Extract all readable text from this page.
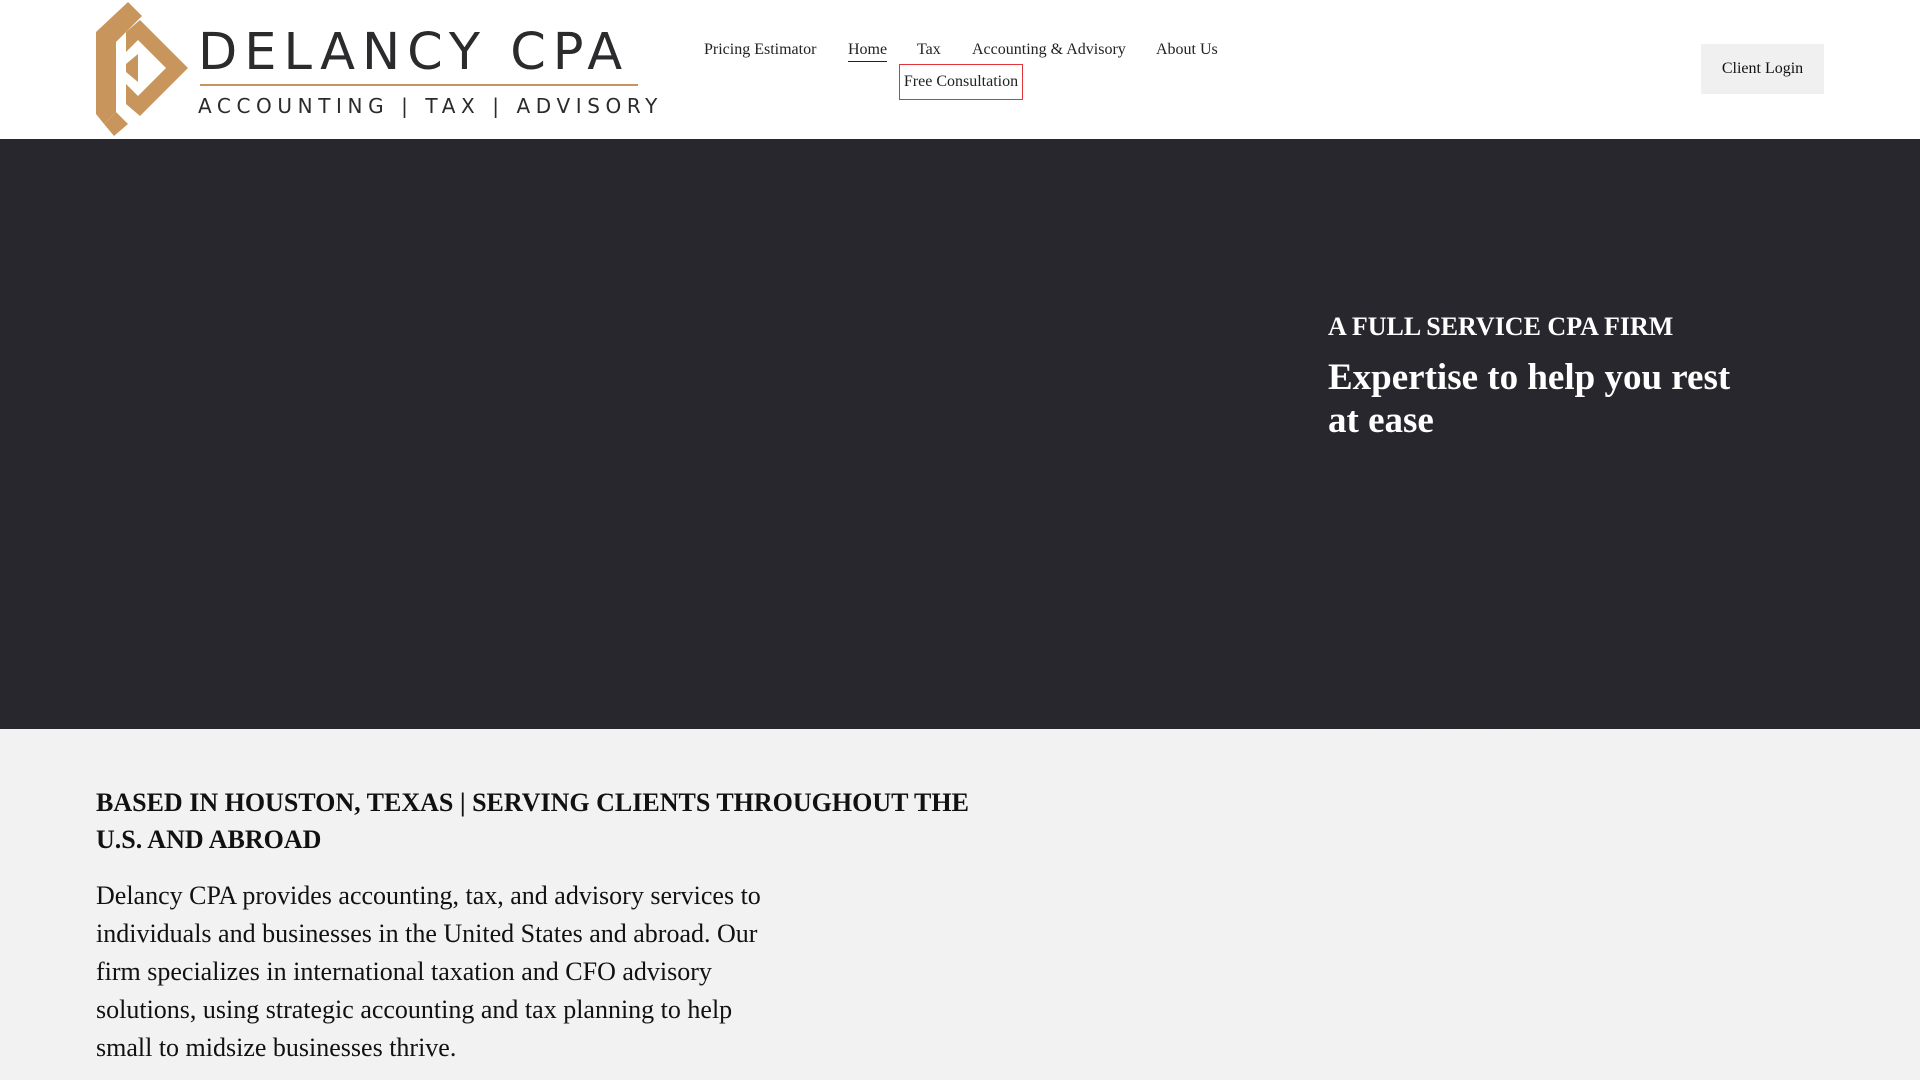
DELANCY CPA
ACCOUNTING | TAX | ADVISORY
Pricing Estimator Home Tax Accounting & Advisory About Us
Free Consultation
Client Login
A FULL SERVICE CPA FIRM
Expertise to help you rest at ease
BASED IN HOUSTON, TEXAS | SERVING CLIENTS THROUGHOUT THE U.S. AND ABROAD

Delancy CPA provides accounting, tax, and advisory services to individuals and businesses in the United States and abroad. Our firm specializes in international taxation and CFO advisory solutions, using strategic accounting and tax planning to help small to midsize businesses thrive.
